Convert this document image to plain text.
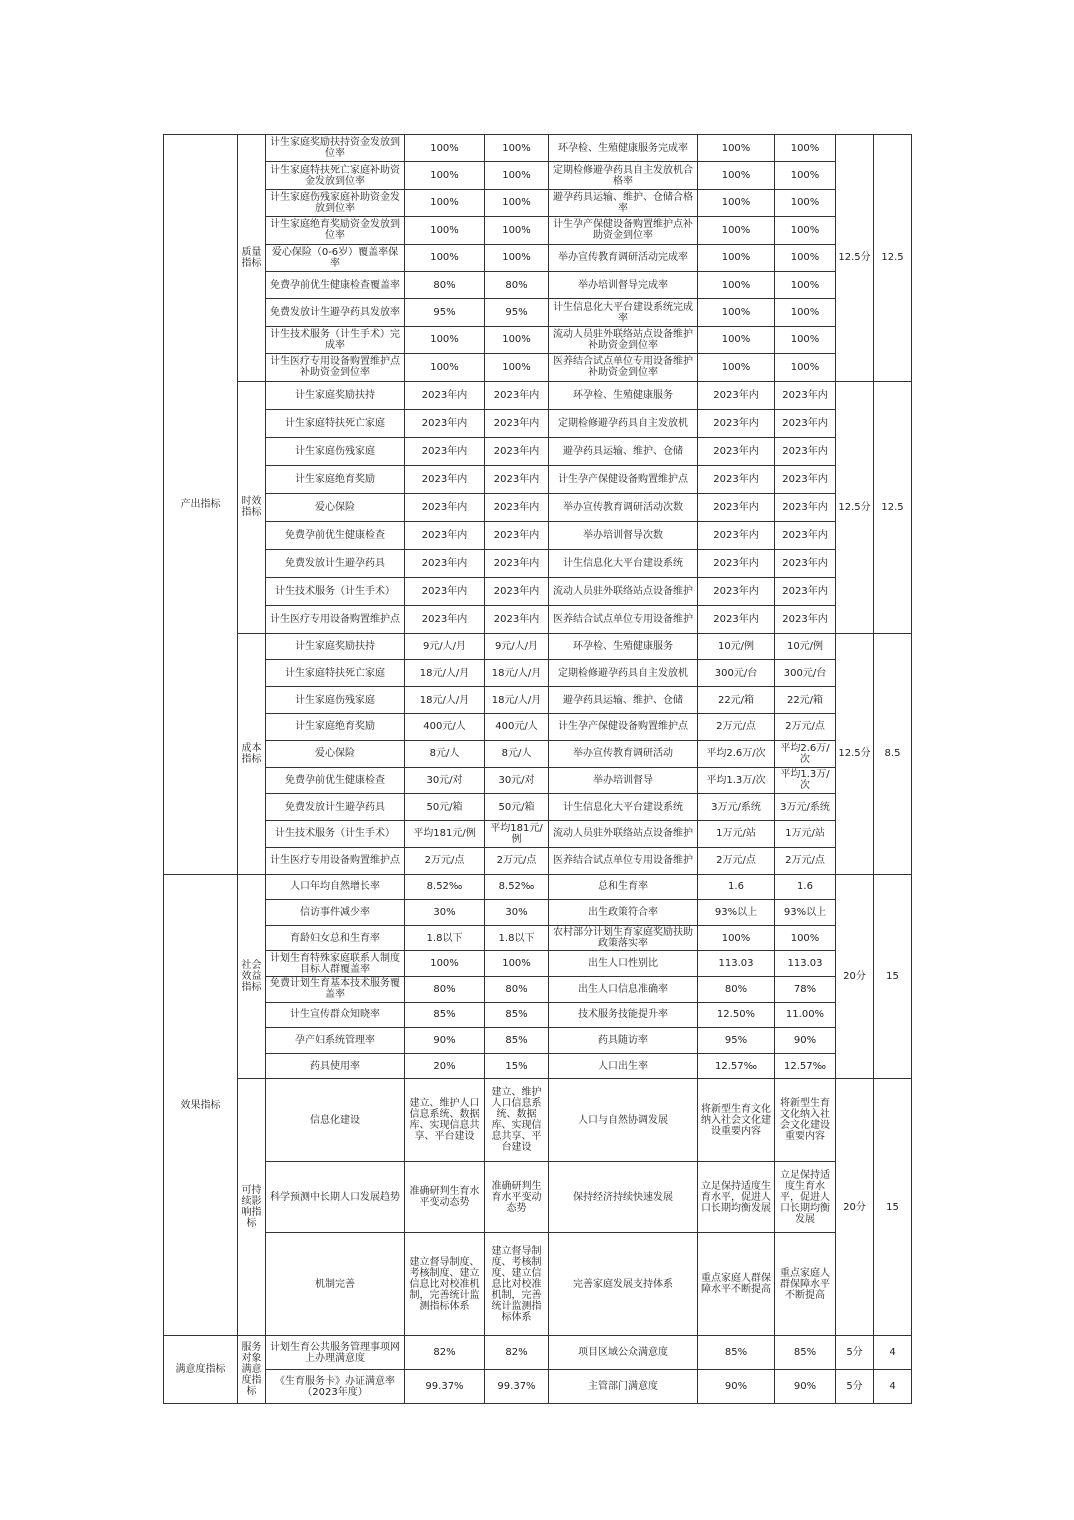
产出指标	质量指标	计生家庭奖励扶持资金发放到位率	100%	100%	环孕检、生殖健康服务完成率	100%	100%	12.5分	12.5
		计生家庭特扶死亡家庭补助资金发放到位率	100%	100%	定期检修避孕药具自主发放机合格率	100%	100%		
		计生家庭伤残家庭补助资金发放到位率	100%	100%	避孕药具运输、维护、仓储合格率	100%	100%		
		计生家庭绝育奖励资金发放到位率	100%	100%	计生孕产保健设备购置维护点补助资金到位率	100%	100%		
		爱心保险（0-6岁）覆盖率保率	100%	100%	举办宣传教育调研活动完成率	100%	100%		
		免费孕前优生健康检查覆盖率	80%	80%	举办培训督导完成率	100%	100%		
		免费发放计生避孕药具发放率	95%	95%	计生信息化大平台建设系统完成率	100%	100%		
		计生技术服务（计生手术）完成率	100%	100%	流动人员驻外联络站点设备维护补助资金到位率	100%	100%		
		计生医疗专用设备购置维护点补助资金到位率	100%	100%	医养结合试点单位专用设备维护补助资金到位率	100%	100%		
	时效指标	计生家庭奖励扶持	2023年内	2023年内	环孕检、生殖健康服务	2023年内	2023年内	12.5分	12.5
		计生家庭特扶死亡家庭	2023年内	2023年内	定期检修避孕药具自主发放机	2023年内	2023年内		
		计生家庭伤残家庭	2023年内	2023年内	避孕药具运输、维护、仓储	2023年内	2023年内		
		计生家庭绝育奖励	2023年内	2023年内	计生孕产保健设备购置维护点	2023年内	2023年内		
		爱心保险	2023年内	2023年内	举办宣传教育调研活动次数	2023年内	2023年内		
		免费孕前优生健康检查	2023年内	2023年内	举办培训督导次数	2023年内	2023年内		
		免费发放计生避孕药具	2023年内	2023年内	计生信息化大平台建设系统	2023年内	2023年内		
		计生技术服务（计生手术）	2023年内	2023年内	流动人员驻外联络站点设备维护	2023年内	2023年内		
		计生医疗专用设备购置维护点	2023年内	2023年内	医养结合试点单位专用设备维护	2023年内	2023年内		
	成本指标	计生家庭奖励扶持	9元/人/月	9元/人/月	环孕检、生殖健康服务	10元/例	10元/例	12.5分	8.5
		计生家庭特扶死亡家庭	18元/人/月	18元/人/月	定期检修避孕药具自主发放机	300元/台	300元/台		
		计生家庭伤残家庭	18元/人/月	18元/人/月	避孕药具运输、维护、仓储	22元/箱	22元/箱		
		计生家庭绝育奖励	400元/人	400元/人	计生孕产保健设备购置维护点	2万元/点	2万元/点		
		爱心保险	8元/人	8元/人	举办宣传教育调研活动	平均2.6万/次	平均2.6万/次		
		免费孕前优生健康检查	30元/对	30元/对	举办培训督导	平均1.3万/次	平均1.3万/次		
		免费发放计生避孕药具	50元/箱	50元/箱	计生信息化大平台建设系统	3万元/系统	3万元/系统		
		计生技术服务（计生手术）	平均181元/例	平均181元/例	流动人员驻外联络站点设备维护	1万元/站	1万元/站		
		计生医疗专用设备购置维护点	2万元/点	2万元/点	医养结合试点单位专用设备维护	2万元/点	2万元/点		
效果指标	社会效益指标	人口年均自然增长率	8.52‰	8.52‰	总和生育率	1.6	1.6	20分	15
		信访事件减少率	30%	30%	出生政策符合率	93%以上	93%以上		
		育龄妇女总和生育率	1.8以下	1.8以下	农村部分计划生育家庭奖励扶助政策落实率	100%	100%		
		计划生育特殊家庭联系人制度目标人群覆盖率	100%	100%	出生人口性别比	113.03	113.03		
		免费计划生育基本技术服务覆盖率	80%	80%	出生人口信息准确率	80%	78%		
		计生宣传群众知晓率	85%	85%	技术服务技能提升率	12.50%	11.00%		
		孕产妇系统管理率	90%	85%	药具随访率	95%	90%		
		药具使用率	20%	15%	人口出生率	12.57‰	12.57‰		
	可持续影响指标	信息化建设	建立、维护人口信息系统、数据库、实现信息共享、平台建设	建立、维护人口信息系统、数据库、实现信息共享、平台建设	人口与自然协调发展	将新型生育文化纳入社会文化建设重要内容	将新型生育文化纳入社会文化建设重要内容	20分	15
		科学预测中长期人口发展趋势	准确研判生育水平变动态势	准确研判生育水平变动态势	保持经济持续快速发展	立足保持适度生育水平，促进人口长期均衡发展	立足保持适度生育水平，促进人口长期均衡发展		
		机制完善	建立督导制度、考核制度、建立信息比对校准机制，完善统计监测指标体系	建立督导制度、考核制度、建立信息比对校准机制，完善统计监测指标体系	完善家庭发展支持体系	重点家庭人群保障水平不断提高	重点家庭人群保障水平不断提高		
满意度指标	服务对象满意度指标	计划生育公共服务管理事项网上办理满意度	82%	82%	项目区域公众满意度	85%	85%	5分	4
		《生育服务卡》办证满意率（2023年度）	99.37%	99.37%	主管部门满意度	90%	90%	5分	4
